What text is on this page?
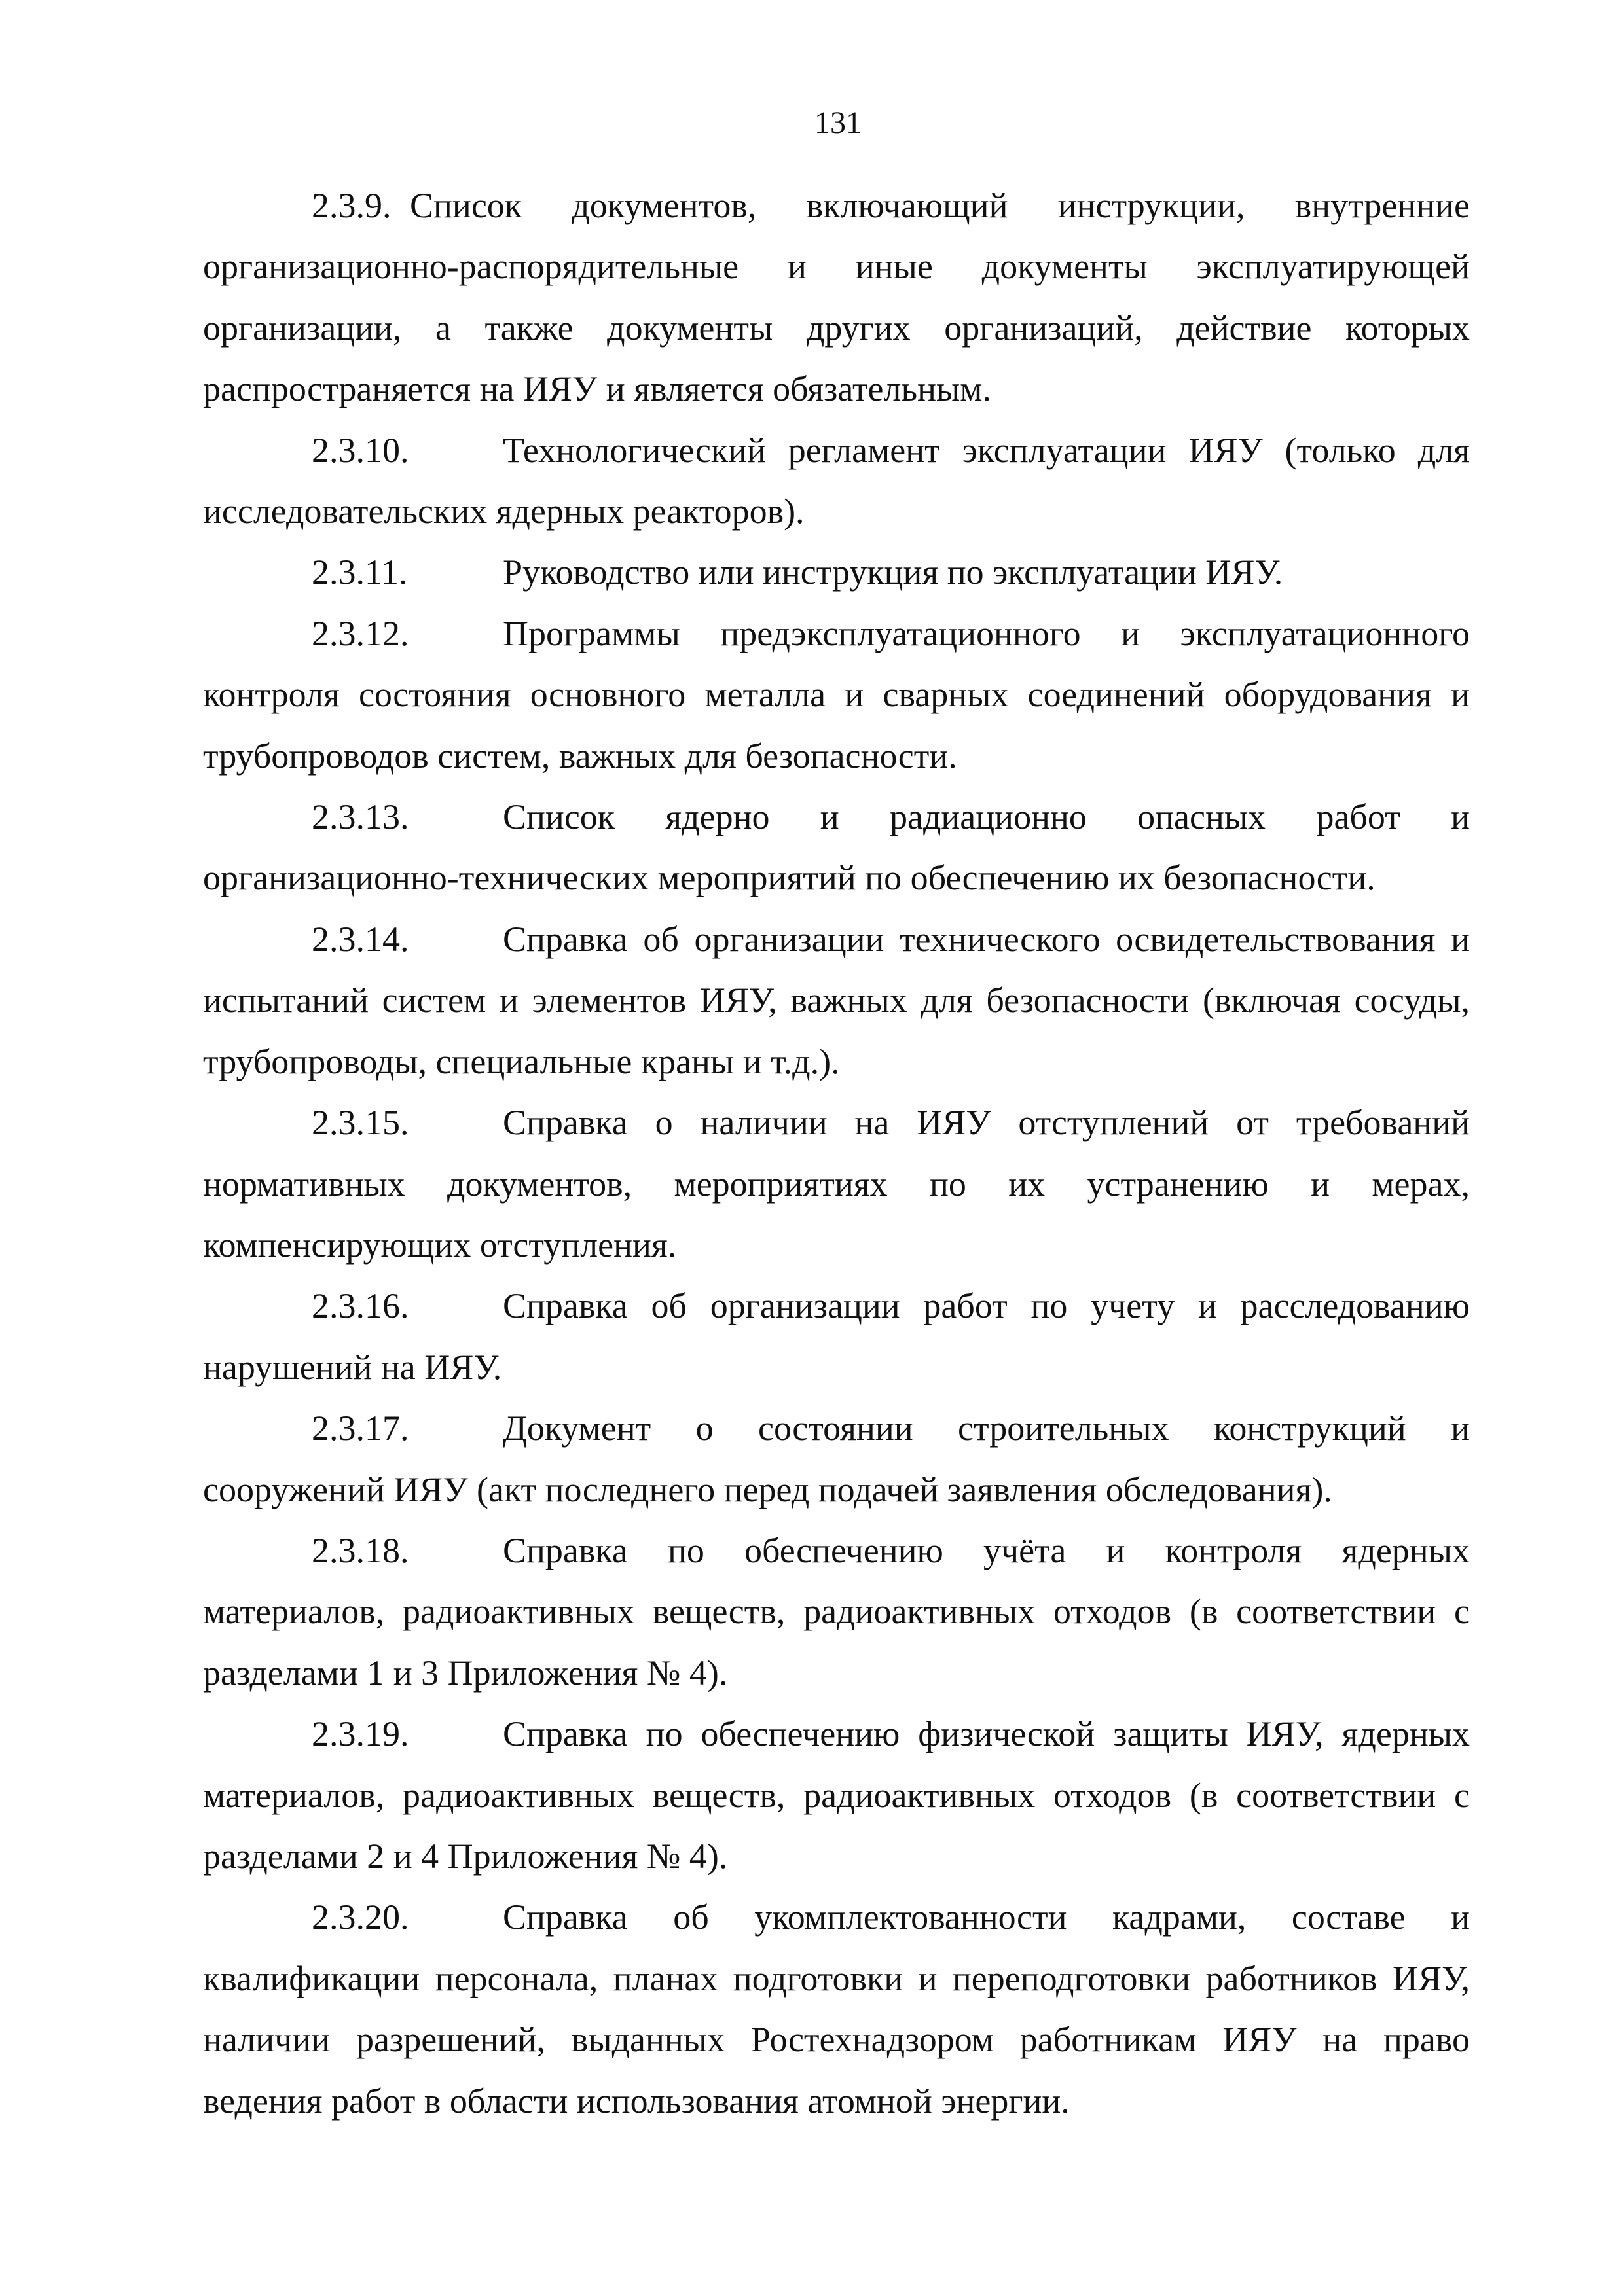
131

2.3.9. Список документов, включающий инструкции, внутренние организационно-распорядительные и иные документы эксплуатирующей организации, а также документы других организаций, действие которых распространяется на ИЯУ и является обязательным.

2.3.10.	Технологический регламент эксплуатации ИЯУ (только для исследовательских ядерных реакторов).

2.3.11.	Руководство или инструкция по эксплуатации ИЯУ.

2.3.12.	Программы предэксплуатационного и эксплуатационного контроля состояния основного металла и сварных соединений оборудования и трубопроводов систем, важных для безопасности.

2.3.13.	Список ядерно и радиационно опасных работ и организационно-технических мероприятий по обеспечению их безопасности.

2.3.14.	Справка об организации технического освидетельствования и испытаний систем и элементов ИЯУ, важных для безопасности (включая сосуды, трубопроводы, специальные краны и т.д.).

2.3.15.	Справка о наличии на ИЯУ отступлений от требований нормативных документов, мероприятиях по их устранению и мерах, компенсирующих отступления.

2.3.16.	Справка об организации работ по учету и расследованию нарушений на ИЯУ.

2.3.17.	Документ о состоянии строительных конструкций и сооружений ИЯУ (акт последнего перед подачей заявления обследования).

2.3.18.	Справка по обеспечению учёта и контроля ядерных материалов, радиоактивных веществ, радиоактивных отходов (в соответствии с разделами 1 и 3 Приложения № 4).

2.3.19.	Справка по обеспечению физической защиты ИЯУ, ядерных материалов, радиоактивных веществ, радиоактивных отходов (в соответствии с разделами 2 и 4 Приложения № 4).

2.3.20.	Справка об укомплектованности кадрами, составе и квалификации персонала, планах подготовки и переподготовки работников ИЯУ, наличии разрешений, выданных Ростехнадзором работникам ИЯУ на право ведения работ в области использования атомной энергии.
